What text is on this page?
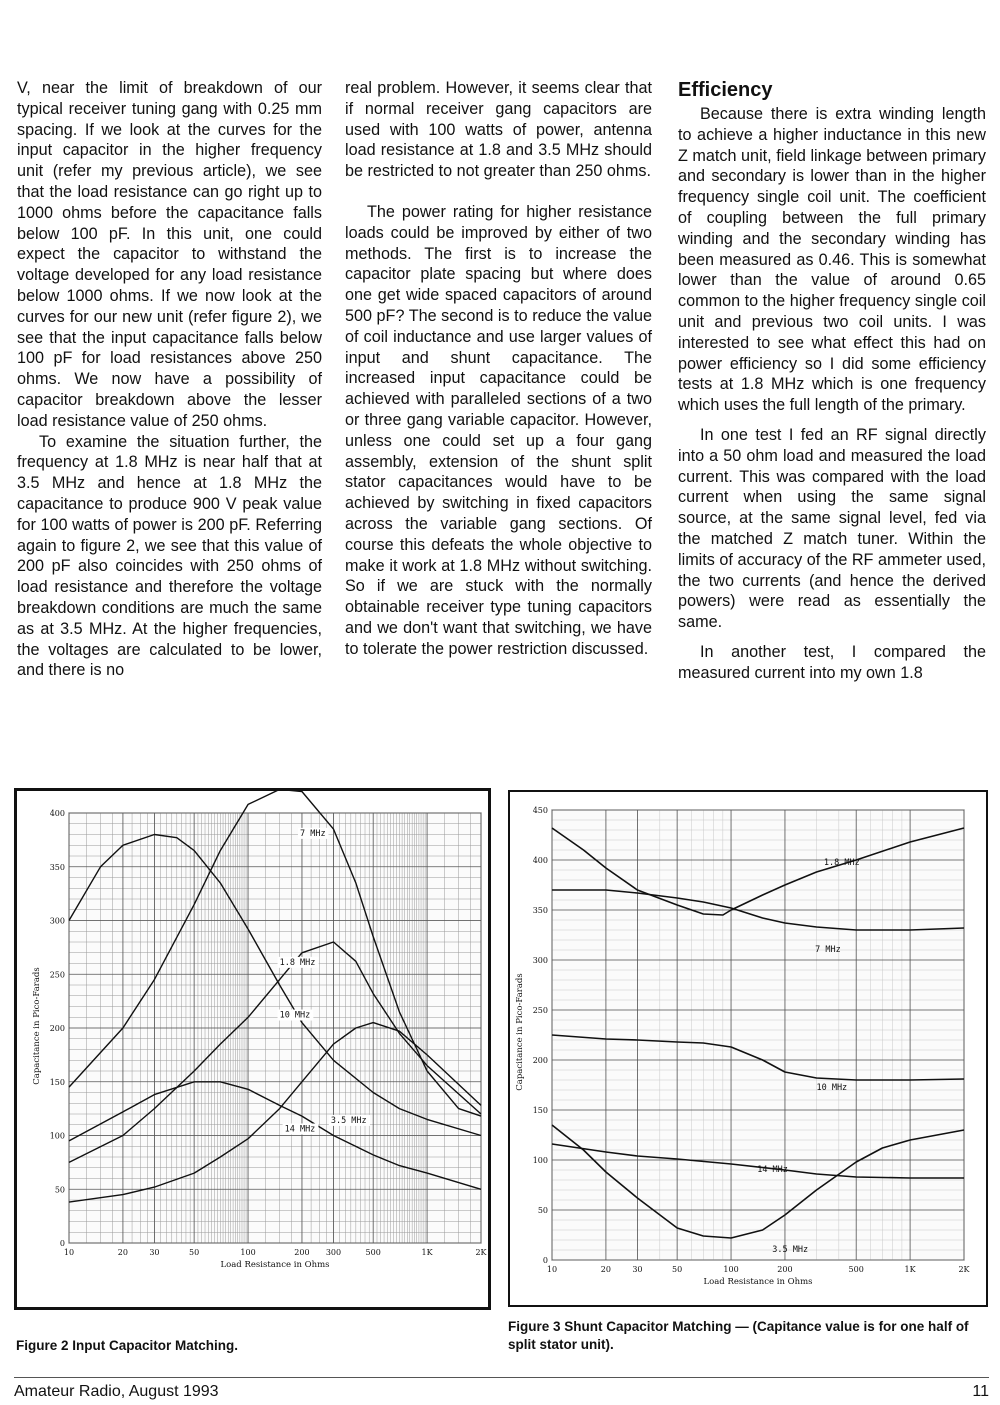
V, near the limit of breakdown of our typical receiver tuning gang with 0.25 mm spacing. If we look at the curves for the input capacitor in the higher frequency unit (refer my previous article), we see that the load resistance can go right up to 1000 ohms before the capacitance falls below 100 pF. In this unit, one could expect the capacitor to withstand the voltage developed for any load resistance below 1000 ohms. If we now look at the curves for our new unit (refer figure 2), we see that the input capacitance falls below 100 pF for load resistances above 250 ohms. We now have a possibility of capacitor breakdown above the lesser load resistance value of 250 ohms.

To examine the situation further, the frequency at 1.8 MHz is near half that at 3.5 MHz and hence at 1.8 MHz the capacitance to produce 900 V peak value for 100 watts of power is 200 pF. Referring again to figure 2, we see that this value of 200 pF also coincides with 250 ohms of load resistance and therefore the voltage breakdown conditions are much the same as at 3.5 MHz. At the higher frequencies, the voltages are calculated to be lower, and there is no

real problem. However, it seems clear that if normal receiver gang capacitors are used with 100 watts of power, antenna load resistance at 1.8 and 3.5 MHz should be restricted to not greater than 250 ohms.

The power rating for higher resistance loads could be improved by either of two methods. The first is to increase the capacitor plate spacing but where does one get wide spaced capacitors of around 500 pF? The second is to reduce the value of coil inductance and use larger values of input and shunt capacitance. The increased input capacitance could be achieved with paralleled sections of a two or three gang variable capacitor. However, unless one could set up a four gang assembly, extension of the shunt split stator capacitances would have to be achieved by switching in fixed capacitors across the variable gang sections. Of course this defeats the whole objective to make it work at 1.8 MHz without switching. So if we are stuck with the normally obtainable receiver type tuning capacitors and we don't want that switching, we have to tolerate the power restriction discussed.

Efficiency

Because there is extra winding length to achieve a higher inductance in this new Z match unit, field linkage between primary and secondary is lower than in the higher frequency single coil unit. The coefficient of coupling between the full primary winding and the secondary winding has been measured as 0.46. This is somewhat lower than the value of around 0.65 common to the higher frequency single coil unit and previous two coil units. I was interested to see what effect this had on power efficiency so I did some efficiency tests at 1.8 MHz which is one frequency which uses the full length of the primary.

In one test I fed an RF signal directly into a 50 ohm load and measured the load current. This was compared with the load current when using the same signal source, at the same signal level, fed via the matched Z match tuner. Within the limits of accuracy of the RF ammeter used, the two currents (and hence the derived powers) were read as essentially the same.

In another test, I compared the measured current into my own 1.8

0
50
100
150
200
250
300
350
400
10	20	30	50	100	200 300	500	1K	2K
Load Resistance in Ohms
Capacitance in Pico-Farads
7 MHz
1.8 MHz
10 MHz
14 MHz
3.5 MHz
0
50
100
150
200
250
300
350
400
450
10	20	30	50	100	200	500	1K	2K
Load Resistance in Ohms
Capacitance in Pico-Farads
1.8 MHz
7 MHz
10 MHz
14 MHz
3.5 MHz
Figure 2 Input Capacitor Matching.
Figure 3 Shunt Capacitor Matching — (Capitance value is for one half of split stator unit).
Amateur Radio, August 1993	11
